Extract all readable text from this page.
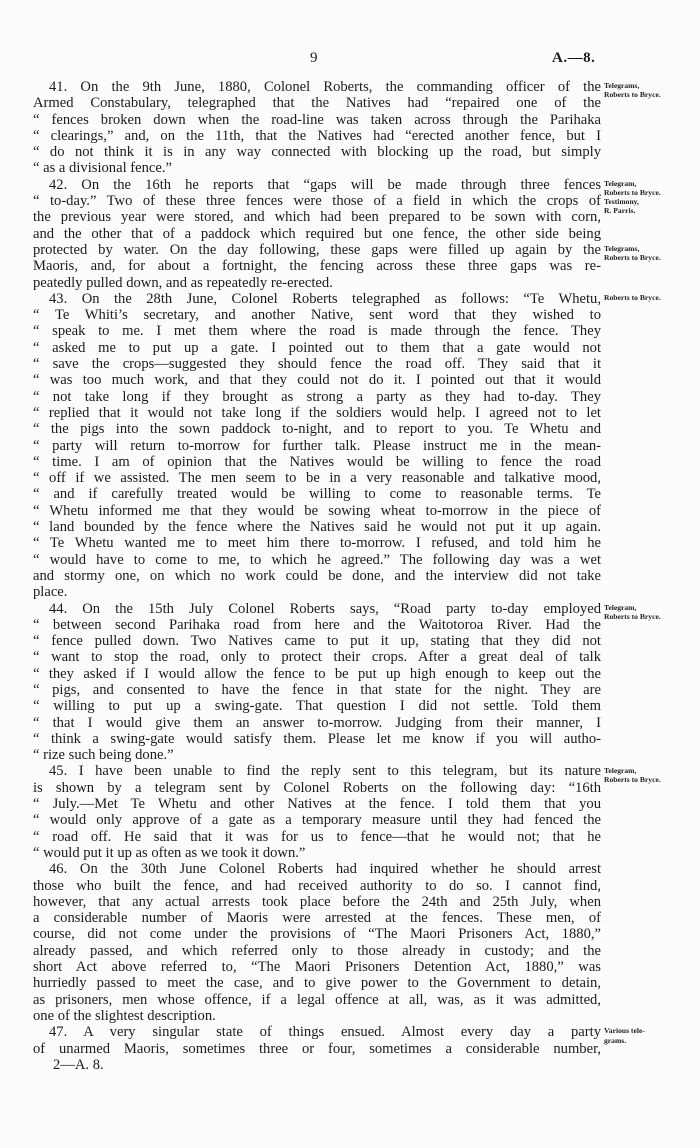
9	A.—8.
41. On the 9th June, 1880, Colonel Roberts, the commanding officer of the
Armed Constabulary, telegraphed that the Natives had “repaired one of the
“ fences broken down when the road-line was taken across through the Parihaka
“ clearings,” and, on the 11th, that the Natives had “erected another fence, but I
“ do not think it is in any way connected with blocking up the road, but simply
“ as a divisional fence.”
42. On the 16th he reports that “gaps will be made through three fences
“ to-day.” Two of these three fences were those of a field in which the crops of
the previous year were stored, and which had been prepared to be sown with corn,
and the other that of a paddock which required but one fence, the other side being
protected by water. On the day following, these gaps were filled up again by the
Maoris, and, for about a fortnight, the fencing across these three gaps was re-
peatedly pulled down, and as repeatedly re-erected.
43. On the 28th June, Colonel Roberts telegraphed as follows: “Te Whetu,
“ Te Whiti’s secretary, and another Native, sent word that they wished to
“ speak to me. I met them where the road is made through the fence. They
“ asked me to put up a gate. I pointed out to them that a gate would not
“ save the crops—suggested they should fence the road off. They said that it
“ was too much work, and that they could not do it. I pointed out that it would
“ not take long if they brought as strong a party as they had to-day. They
“ replied that it would not take long if the soldiers would help. I agreed not to let
“ the pigs into the sown paddock to-night, and to report to you. Te Whetu and
“ party will return to-morrow for further talk. Please instruct me in the mean-
“ time. I am of opinion that the Natives would be willing to fence the road
“ off if we assisted. The men seem to be in a very reasonable and talkative mood,
“ and if carefully treated would be willing to come to reasonable terms. Te
“ Whetu informed me that they would be sowing wheat to-morrow in the piece of
“ land bounded by the fence where the Natives said he would not put it up again.
“ Te Whetu wanted me to meet him there to-morrow. I refused, and told him he
“ would have to come to me, to which he agreed.” The following day was a wet
and stormy one, on which no work could be done, and the interview did not take
place.
44. On the 15th July Colonel Roberts says, “Road party to-day employed
“ between second Parihaka road from here and the Waitotoroa River. Had the
“ fence pulled down. Two Natives came to put it up, stating that they did not
“ want to stop the road, only to protect their crops. After a great deal of talk
“ they asked if I would allow the fence to be put up high enough to keep out the
“ pigs, and consented to have the fence in that state for the night. They are
“ willing to put up a swing-gate. That question I did not settle. Told them
“ that I would give them an answer to-morrow. Judging from their manner, I
“ think a swing-gate would satisfy them. Please let me know if you will autho-
“ rize such being done.”
45. I have been unable to find the reply sent to this telegram, but its nature
is shown by a telegram sent by Colonel Roberts on the following day: “16th
“ July.—Met Te Whetu and other Natives at the fence. I told them that you
“ would only approve of a gate as a temporary measure until they had fenced the
“ road off. He said that it was for us to fence—that he would not; that he
“ would put it up as often as we took it down.”
46. On the 30th June Colonel Roberts had inquired whether he should arrest
those who built the fence, and had received authority to do so. I cannot find,
however, that any actual arrests took place before the 24th and 25th July, when
a considerable number of Maoris were arrested at the fences. These men, of
course, did not come under the provisions of “The Maori Prisoners Act, 1880,”
already passed, and which referred only to those already in custody; and the
short Act above referred to, “The Maori Prisoners Detention Act, 1880,” was
hurriedly passed to meet the case, and to give power to the Government to detain,
as prisoners, men whose offence, if a legal offence at all, was, as it was admitted,
one of the slightest description.
47. A very singular state of things ensued. Almost every day a party
of unarmed Maoris, sometimes three or four, sometimes a considerable number,
Telegrams,
Roberts to Bryce.
Telegram,
Roberts to Bryce.
Testimony,
R. Parris.
Telegrams,
Roberts to Bryce.
Roberts to Bryce.
Telegram,
Roberts to Bryce.
Telegram,
Roberts to Bryce.
Various tele-
grams.
2—A. 8.
